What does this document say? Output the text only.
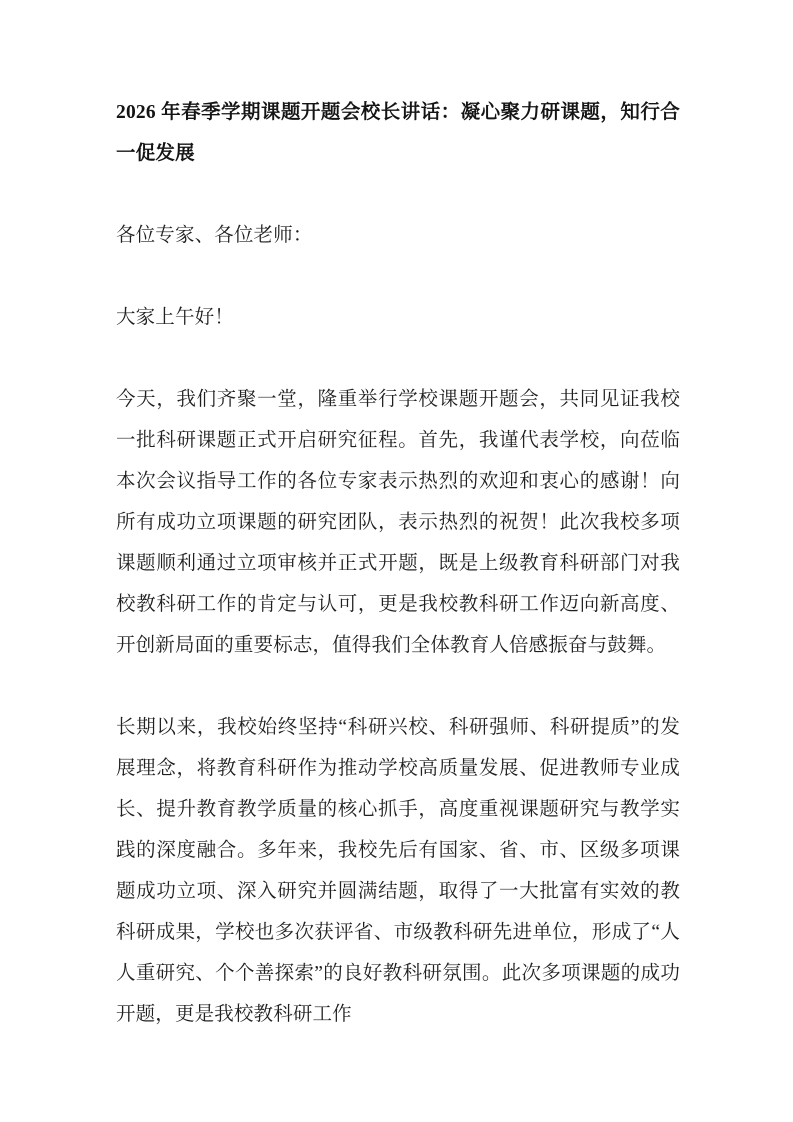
2026 年春季学期课题开题会校长讲话：凝心聚力研课题，知行合一促发展

各位专家、各位老师：

大家上午好！

今天，我们齐聚一堂，隆重举行学校课题开题会，共同见证我校一批科研课题正式开启研究征程。首先，我谨代表学校，向莅临本次会议指导工作的各位专家表示热烈的欢迎和衷心的感谢！向所有成功立项课题的研究团队，表示热烈的祝贺！此次我校多项课题顺利通过立项审核并正式开题，既是上级教育科研部门对我校教科研工作的肯定与认可，更是我校教科研工作迈向新高度、开创新局面的重要标志，值得我们全体教育人倍感振奋与鼓舞。

长期以来，我校始终坚持“科研兴校、科研强师、科研提质”的发展理念，将教育科研作为推动学校高质量发展、促进教师专业成长、提升教育教学质量的核心抓手，高度重视课题研究与教学实践的深度融合。多年来，我校先后有国家、省、市、区级多项课题成功立项、深入研究并圆满结题，取得了一大批富有实效的教科研成果，学校也多次获评省、市级教科研先进单位，形成了“人人重研究、个个善探索”的良好教科研氛围。此次多项课题的成功开题，更是我校教科研工作
